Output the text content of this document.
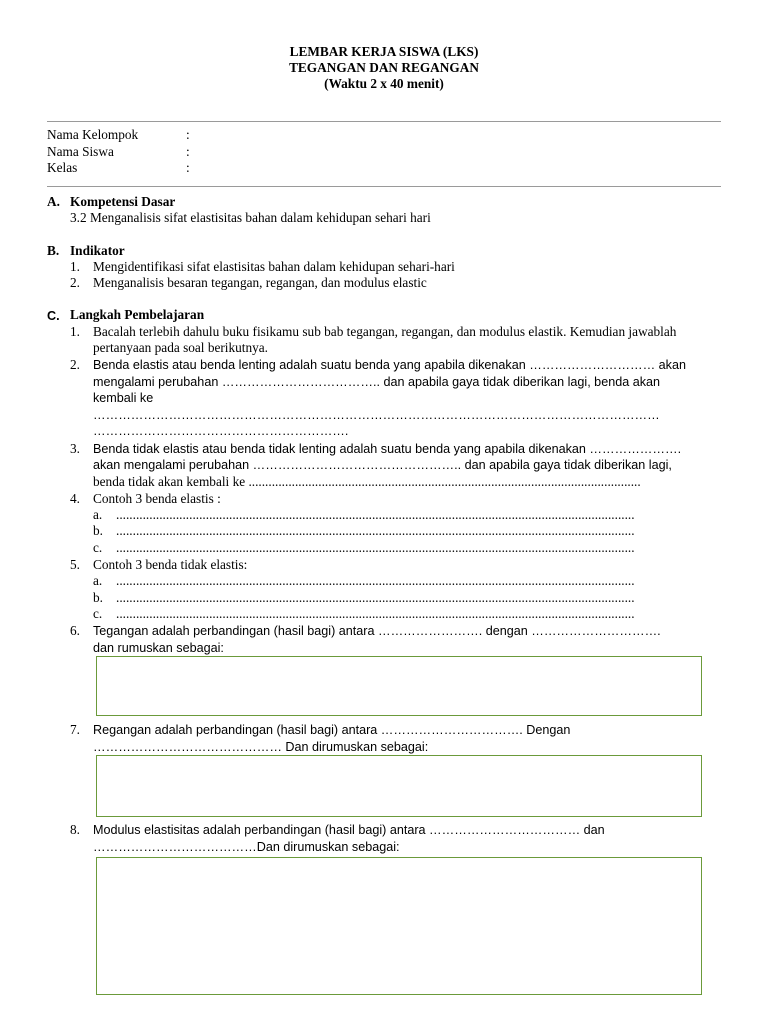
LEMBAR KERJA SISWA (LKS)
TEGANGAN DAN REGANGAN
(Waktu 2 x 40 menit)
Nama Kelompok	:
Nama Siswa	:
Kelas	:
A. Kompetensi Dasar
3.2 Menganalisis sifat elastisitas bahan dalam kehidupan sehari hari
B. Indikator
1. Mengidentifikasi sifat elastisitas bahan dalam kehidupan sehari-hari
2. Menganalisis besaran tegangan, regangan, dan modulus elastic
C. Langkah Pembelajaran
1. Bacalah terlebih dahulu buku fisikamu sub bab tegangan, regangan, dan modulus elastik. Kemudian jawablah
pertanyaan pada soal berikutnya.
2. Benda elastis atau benda lenting adalah suatu benda yang apabila dikenakan ………………………… akan
mengalami perubahan ……………………………….. dan apabila gaya tidak diberikan lagi, benda akan
kembali ke
………………………………………………………………………………………………………………………
…………………………………………………….
3. Benda tidak elastis atau benda tidak lenting adalah suatu benda yang apabila dikenakan ………………….
akan mengalami perubahan ………………………………………….. dan apabila gaya tidak diberikan lagi,
benda tidak akan kembali ke ......................................................................................................................
4. Contoh 3 benda elastis :
a. ............................................................................................................................................................
b. ............................................................................................................................................................
c. ............................................................................................................................................................
5. Contoh 3 benda tidak elastis:
a. ............................................................................................................................................................
b. ............................................................................................................................................................
c. ............................................................................................................................................................
6. Tegangan adalah perbandingan (hasil bagi) antara ……………………. dengan ………………………….
dan rumuskan sebagai:
7. Regangan adalah perbandingan (hasil bagi) antara ……………………………. Dengan
……………………………………… Dan dirumuskan sebagai:
8. Modulus elastisitas adalah perbandingan (hasil bagi) antara ……………………………… dan
…………………………………Dan dirumuskan sebagai:
